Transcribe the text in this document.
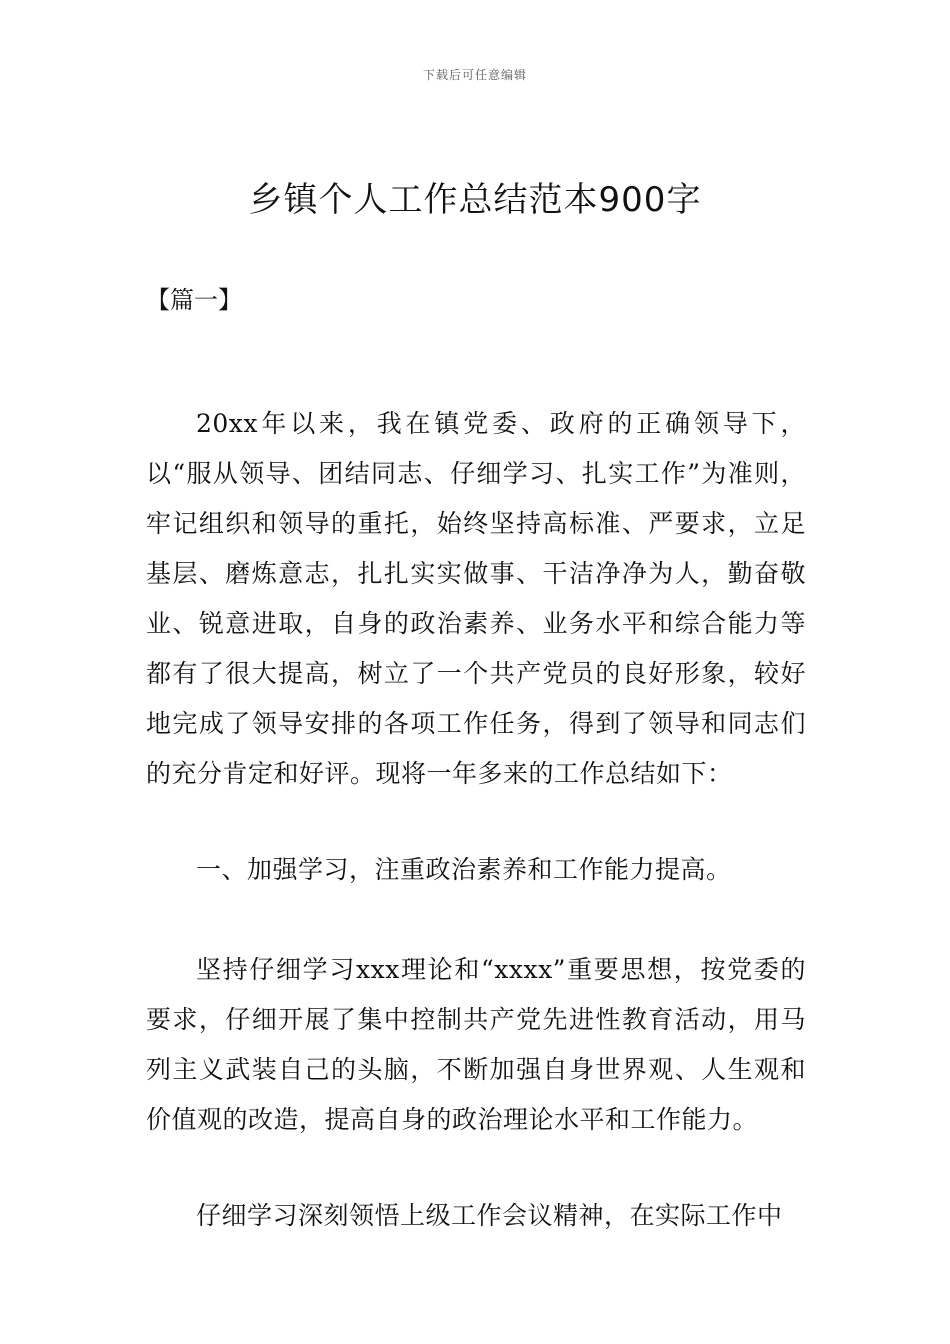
下载后可任意编辑
乡镇个人工作总结范本900字
【篇一】

20xx年以来，我在镇党委、政府的正确领导下，以“服从领导、团结同志、仔细学习、扎实工作”为准则，牢记组织和领导的重托，始终坚持高标准、严要求，立足基层、磨炼意志，扎扎实实做事、干洁净净为人，勤奋敬业、锐意进取，自身的政治素养、业务水平和综合能力等都有了很大提高，树立了一个共产党员的良好形象，较好地完成了领导安排的各项工作任务，得到了领导和同志们的充分肯定和好评。现将一年多来的工作总结如下：

一、加强学习，注重政治素养和工作能力提高。

坚持仔细学习xxx理论和“xxxx”重要思想，按党委的要求，仔细开展了集中控制共产党先进性教育活动，用马列主义武装自己的头脑，不断加强自身世界观、人生观和价值观的改造，提高自身的政治理论水平和工作能力。

仔细学习深刻领悟上级工作会议精神，在实际工作中
